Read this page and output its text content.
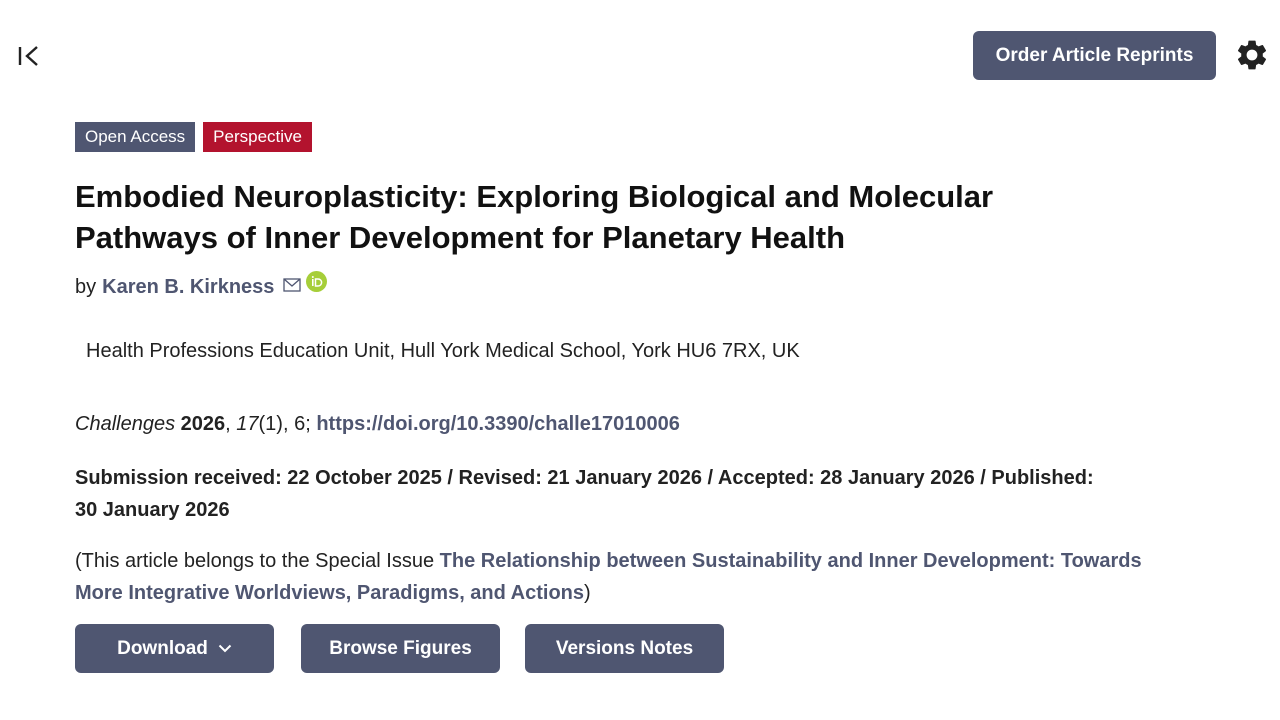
Order Article Reprints
Open Access	Perspective
Embodied Neuroplasticity: Exploring Biological and Molecular Pathways of Inner Development for Planetary Health
by Karen B. Kirkness
Health Professions Education Unit, Hull York Medical School, York HU6 7RX, UK
Challenges 2026, 17(1), 6; https://doi.org/10.3390/challe17010006
Submission received: 22 October 2025 / Revised: 21 January 2026 / Accepted: 28 January 2026 / Published: 30 January 2026
(This article belongs to the Special Issue The Relationship between Sustainability and Inner Development: Towards More Integrative Worldviews, Paradigms, and Actions)
Download	Browse Figures	Versions Notes
